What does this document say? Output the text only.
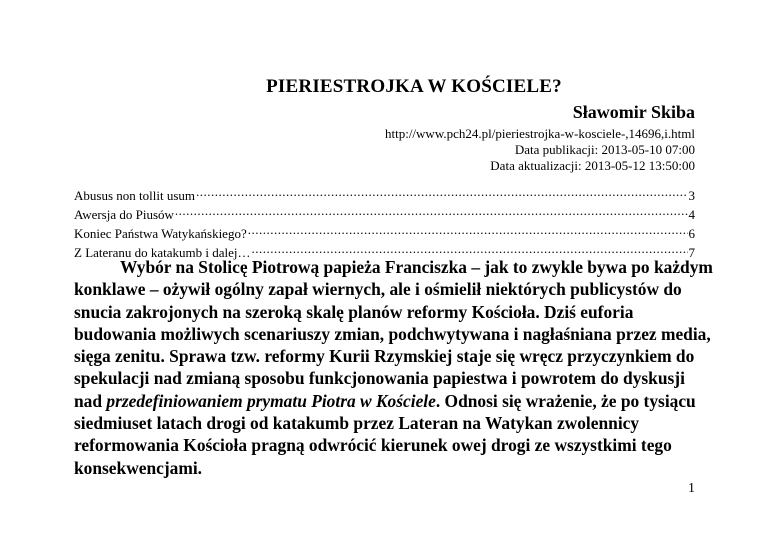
PIERIESTROJKA W KOŚCIELE?
Sławomir Skiba
http://www.pch24.pl/pieriestrojka-w-kosciele-,14696,i.html
Data publikacji: 2013-05-10 07:00
Data aktualizacji: 2013-05-12 13:50:00
Abusus non tollit usum .....	3
Awersja do Piusów .....	4
Koniec Państwa Watykańskiego? .....	6
Z Lateranu do katakumb i dalej… .....	7
Wybór na Stolicę Piotrową papieża Franciszka – jak to zwykle bywa po każdym konklawe – ożywił ogólny zapał wiernych, ale i ośmielił niektórych publicystów do snucia zakrojonych na szeroką skalę planów reformy Kościoła. Dziś euforia budowania możliwych scenariuszy zmian, podchwytywana i nagłaśniana przez media, sięga zenitu. Sprawa tzw. reformy Kurii Rzymskiej staje się wręcz przyczynkiem do spekulacji nad zmianą sposobu funkcjonowania papiestwa i powrotem do dyskusji nad przedefiniowaniem prymatu Piotra w Kościele. Odnosi się wrażenie, że po tysiącu siedmiuset latach drogi od katakumb przez Lateran na Watykan zwolennicy reformowania Kościoła pragną odwrócić kierunek owej drogi ze wszystkimi tego konsekwencjami.
1
